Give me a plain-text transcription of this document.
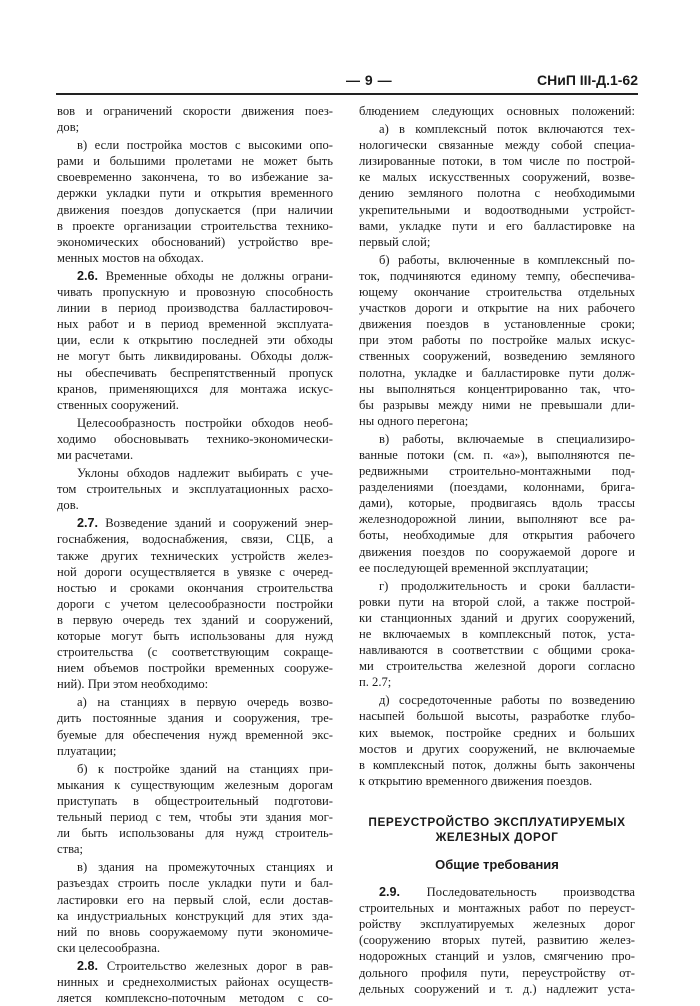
— 9 —	СНиП III-Д.1-62
вов и ограничений скорости движения поез-
дов;
в) если постройка мостов с высокими опо-
рами и большими пролетами не может быть
своевременно закончена, то во избежание за-
держки укладки пути и открытия временного
движения поездов допускается (при наличии
в проекте организации строительства технико-
экономических обоснований) устройство вре-
менных мостов на обходах.
2.6. Временные обходы не должны ограни-
чивать пропускную и провозную способность
линии в период производства балластировоч-
ных работ и в период временной эксплуата-
ции, если к открытию последней эти обходы
не могут быть ликвидированы. Обходы долж-
ны обеспечивать беспрепятственный пропуск
кранов, применяющихся для монтажа искус-
ственных сооружений.
Целесообразность постройки обходов необ-
ходимо обосновывать технико-экономически-
ми расчетами.
Уклоны обходов надлежит выбирать с уче-
том строительных и эксплуатационных расхо-
дов.
2.7. Возведение зданий и сооружений энер-
госнабжения, водоснабжения, связи, СЦБ, а
также других технических устройств желез-
ной дороги осуществляется в увязке с очеред-
ностью и сроками окончания строительства
дороги с учетом целесообразности постройки
в первую очередь тех зданий и сооружений,
которые могут быть использованы для нужд
строительства (с соответствующим сокраще-
нием объемов постройки временных сооруже-
ний). При этом необходимо:
а) на станциях в первую очередь возво-
дить постоянные здания и сооружения, тре-
буемые для обеспечения нужд временной экс-
плуатации;
б) к постройке зданий на станциях при-
мыкания к существующим железным дорогам
приступать в общестроительный подготови-
тельный период с тем, чтобы эти здания мог-
ли быть использованы для нужд строитель-
ства;
в) здания на промежуточных станциях и
разъездах строить после укладки пути и бал-
ластировки его на первый слой, если достав-
ка индустриальных конструкций для этих зда-
ний по вновь сооружаемому пути экономиче-
ски целесообразна.
2.8. Строительство железных дорог в рав-
нинных и среднехолмистых районах осуществ-
ляется комплексно-поточным методом с со-
блюдением следующих основных положений:
а) в комплексный поток включаются тех-
нологически связанные между собой специа-
лизированные потоки, в том числе по построй-
ке малых искусственных сооружений, возве-
дению земляного полотна с необходимыми
укрепительными и водоотводными устройст-
вами, укладке пути и его балластировке на
первый слой;
б) работы, включенные в комплексный по-
ток, подчиняются единому темпу, обеспечива-
ющему окончание строительства отдельных
участков дороги и открытие на них рабочего
движения поездов в установленные сроки;
при этом работы по постройке малых искус-
ственных сооружений, возведению земляного
полотна, укладке и балластировке пути долж-
ны выполняться концентрированно так, что-
бы разрывы между ними не превышали дли-
ны одного перегона;
в) работы, включаемые в специализиро-
ванные потоки (см. п. «а»), выполняются пе-
редвижными строительно-монтажными под-
разделениями (поездами, колоннами, брига-
дами), которые, продвигаясь вдоль трассы
железнодорожной линии, выполняют все ра-
боты, необходимые для открытия рабочего
движения поездов по сооружаемой дороге и
ее последующей временной эксплуатации;
г) продолжительность и сроки балласти-
ровки пути на второй слой, а также построй-
ки станционных зданий и других сооружений,
не включаемых в комплексный поток, уста-
навливаются в соответствии с общими срока-
ми строительства железной дороги согласно
п. 2.7;
д) сосредоточенные работы по возведению
насыпей большой высоты, разработке глубо-
ких выемок, постройке средних и больших
мостов и других сооружений, не включаемые
в комплексный поток, должны быть закончены
к открытию временного движения поездов.
ПЕРЕУСТРОЙСТВО ЭКСПЛУАТИРУЕМЫХ
ЖЕЛЕЗНЫХ ДОРОГ
Общие требования
2.9. Последовательность производства
строительных и монтажных работ по переуст-
ройству эксплуатируемых железных дорог
(сооружению вторых путей, развитию желез-
нодорожных станций и узлов, смягчению про-
дольного профиля пути, переустройству от-
дельных сооружений и т. д.) надлежит уста-
